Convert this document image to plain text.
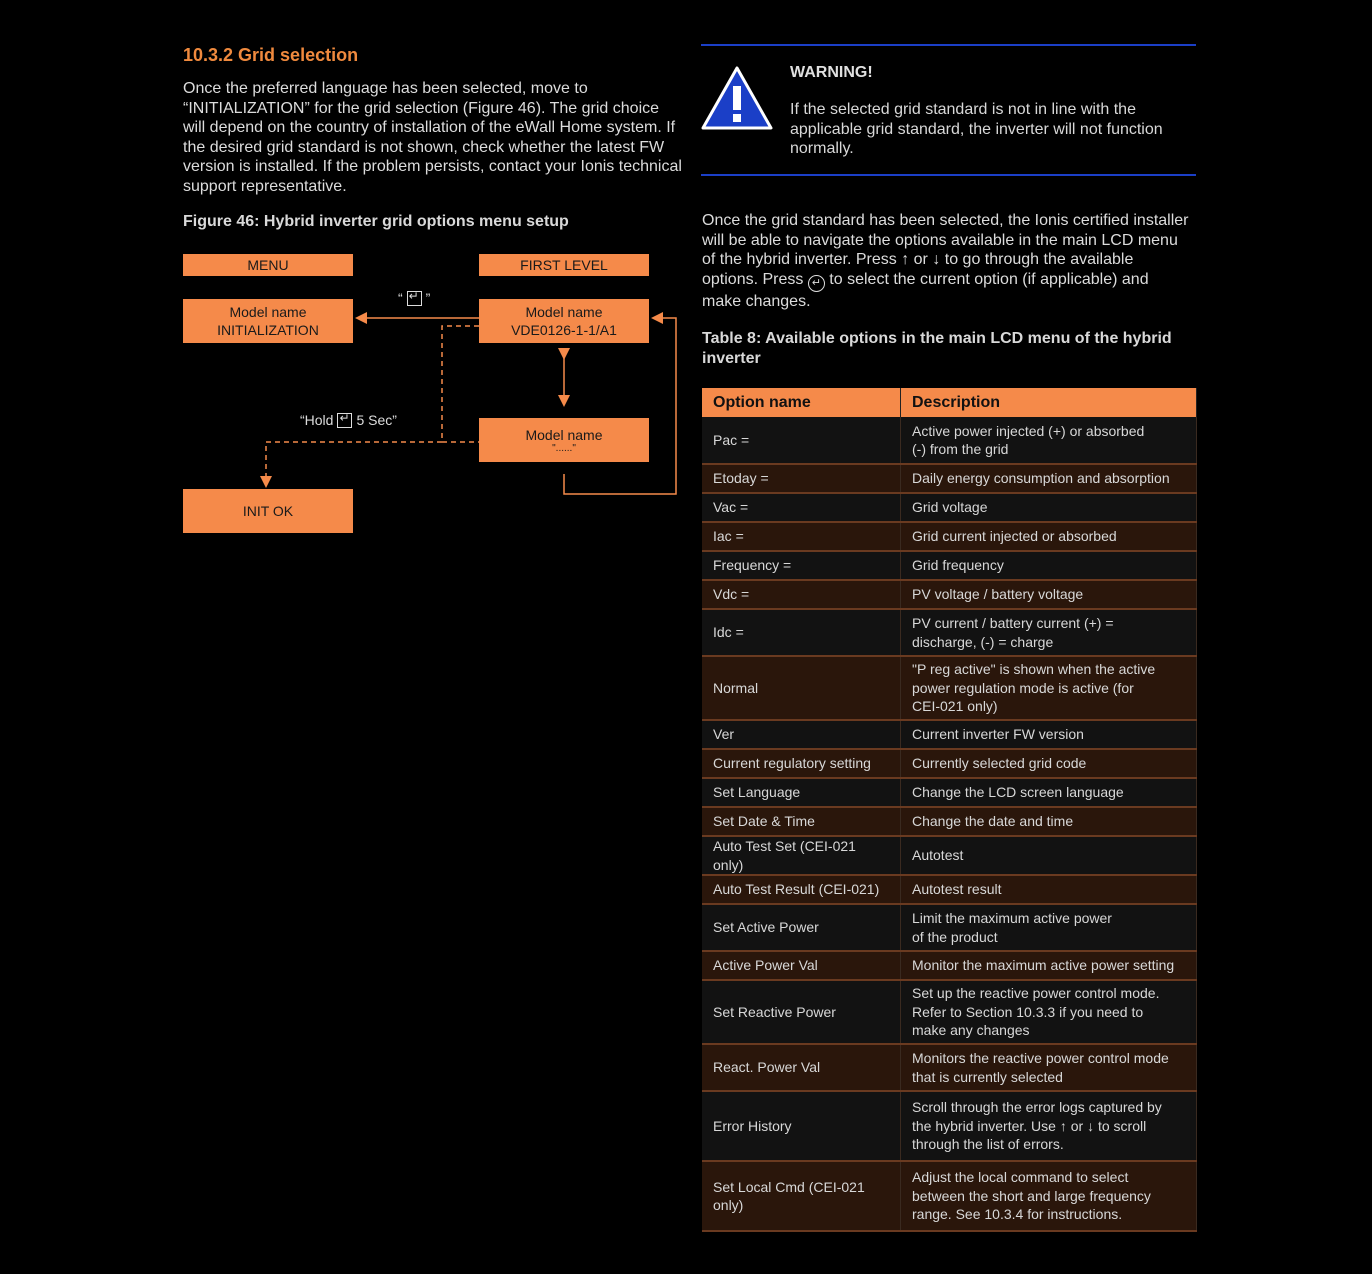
10.3.2 Grid selection
Once the preferred language has been selected, move to “INITIALIZATION” for the grid selection (Figure 46). The grid choice will depend on the country of installation of the eWall Home system. If the desired grid standard is not shown, check whether the latest FW version is installed. If the problem persists, contact your Ionis technical support representative.
Figure 46: Hybrid inverter grid options menu setup
MENU	FIRST LEVEL
Model name
INITIALIZATION
Model name
VDE0126-1-1/A1
Model name
"......"
INIT OK
“ ↵ ”
“Hold ↵ 5 Sec”
WARNING!
If the selected grid standard is not in line with the applicable grid standard, the inverter will not function normally.
Once the grid standard has been selected, the Ionis certified installer will be able to navigate the options available in the main LCD menu of the hybrid inverter. Press ↑ or ↓ to go through the available options. Press ↵ to select the current option (if applicable) and make changes.
Table 8: Available options in the main LCD menu of the hybrid inverter
Option name	Description
Pac =	Active power injected (+) or absorbed (-) from the grid
Etoday =	Daily energy consumption and absorption
Vac =	Grid voltage
Iac =	Grid current injected or absorbed
Frequency =	Grid frequency
Vdc =	PV voltage / battery voltage
Idc =	PV current / battery current (+) = discharge, (-) = charge
Normal	"P reg active" is shown when the active power regulation mode is active (for CEI-021 only)
Ver	Current inverter FW version
Current regulatory setting	Currently selected grid code
Set Language	Change the LCD screen language
Set Date & Time	Change the date and time
Auto Test Set (CEI-021 only)	Autotest
Auto Test Result (CEI-021)	Autotest result
Set Active Power	Limit the maximum active power of the product
Active Power Val	Monitor the maximum active power setting
Set Reactive Power	Set up the reactive power control mode. Refer to Section 10.3.3 if you need to make any changes
React. Power Val	Monitors the reactive power control mode that is currently selected
Error History	Scroll through the error logs captured by the hybrid inverter. Use ↑ or ↓ to scroll through the list of errors.
Set Local Cmd (CEI-021 only)	Adjust the local command to select between the short and large frequency range. See 10.3.4 for instructions.
